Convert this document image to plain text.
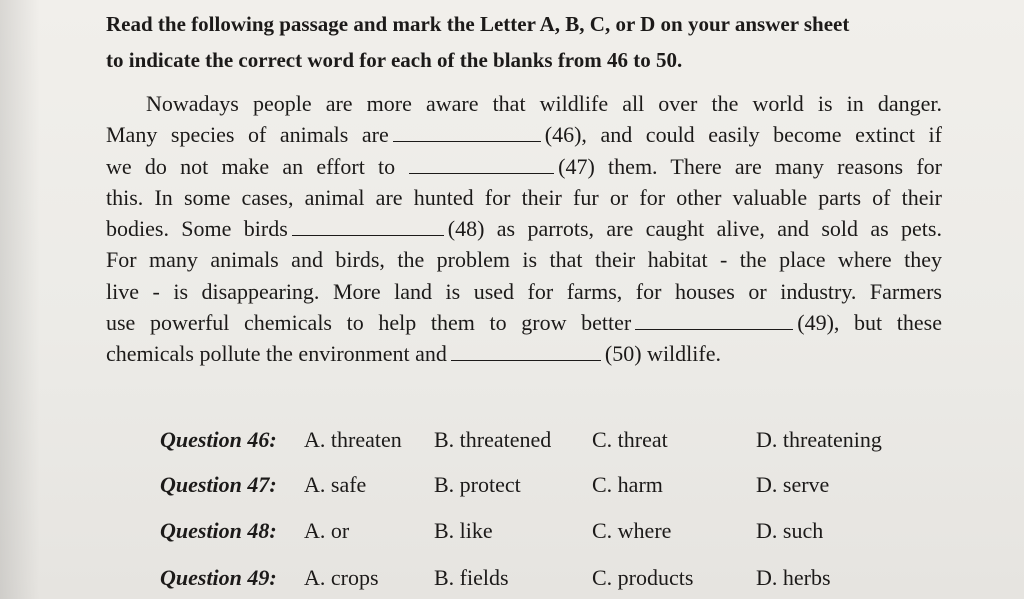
Read the following passage and mark the Letter A, B, C, or D on your answer sheet
to indicate the correct word for each of the blanks from 46 to 50.
Nowadays people are more aware that wildlife all over the world is in danger.
Many species of animals are	(46), and could easily become extinct if
we do not make an effort to	(47) them. There are many reasons for
this. In some cases, animal are hunted for their fur or for other valuable parts of their
bodies. Some birds	(48) as parrots, are caught alive, and sold as pets.
For many animals and birds, the problem is that their habitat - the place where they
live - is disappearing. More land is used for farms, for houses or industry. Farmers
use powerful chemicals to help them to grow better	(49), but these
chemicals pollute the environment and	(50) wildlife.
Question 46: A. threaten B. threatened C. threat	D. threatening
Question 47: A. safe	B. protect	C. harm	D. serve
Question 48: A. or	B. like	C. where	D. such
Question 49: A. crops	B. fields	C. products	D. herbs
